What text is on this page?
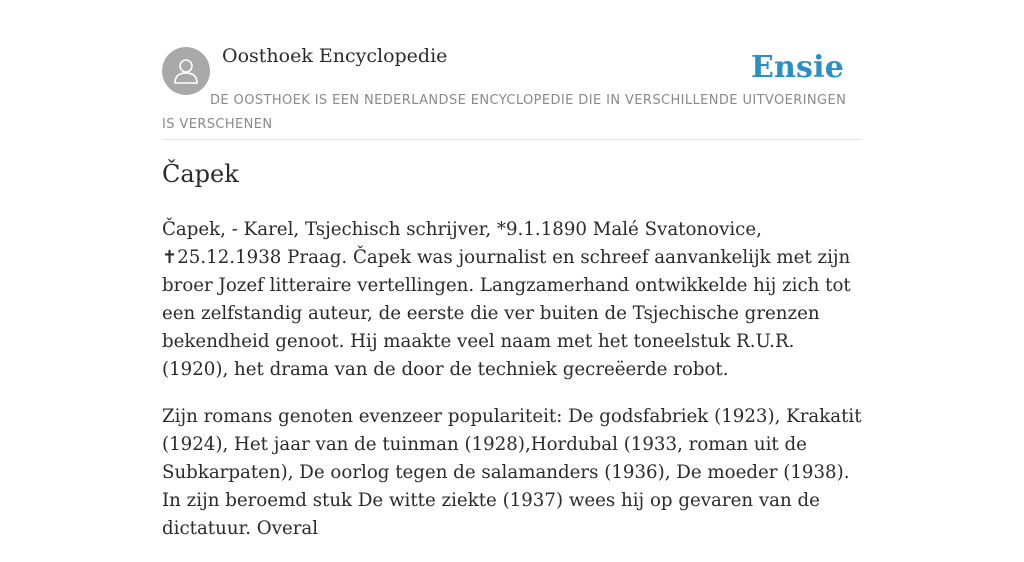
Oosthoek Encyclopedie	Ensie
DE OOSTHOEK IS EEN NEDERLANDSE ENCYCLOPEDIE DIE IN VERSCHILLENDE UITVOERINGEN IS VERSCHENEN
Čapek

Čapek, - Karel, Tsjechisch schrijver, *9.1.1890 Malé Svatonovice, ✝25.12.1938 Praag. Čapek was journalist en schreef aanvankelijk met zijn broer Jozef litteraire vertellingen. Langzamerhand ontwikkelde hij zich tot een zelfstandig auteur, de eerste die ver buiten de Tsjechische grenzen bekendheid genoot. Hij maakte veel naam met het toneelstuk R.U.R. (1920), het drama van de door de techniek gecreëerde robot.

Zijn romans genoten evenzeer populariteit: De godsfabriek (1923), Krakatit (1924), Het jaar van de tuinman (1928),Hordubal (1933, roman uit de Subkarpaten), De oorlog tegen de salamanders (1936), De moeder (1938). In zijn beroemd stuk De witte ziekte (1937) wees hij op gevaren van de dictatuur. Overal
